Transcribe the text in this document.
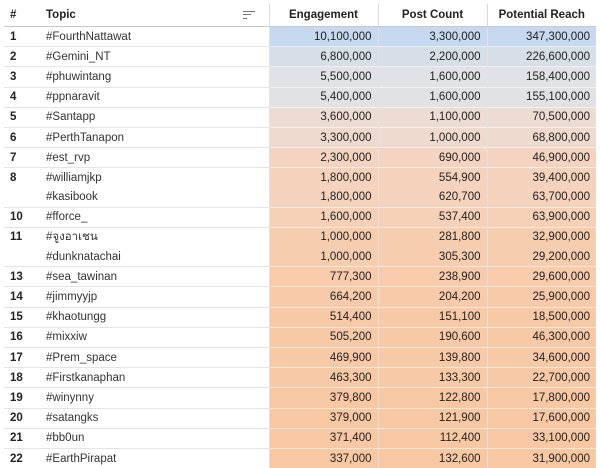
#	Topic	Engagement	Post Count	Potential Reach
1	#FourthNattawat	10,100,000	3,300,000	347,300,000
2	#Gemini_NT	6,800,000	2,200,000	226,600,000
3	#phuwintang	5,500,000	1,600,000	158,400,000
4	#ppnaravit	5,400,000	1,600,000	155,100,000
5	#Santapp	3,600,000	1,100,000	70,500,000
6	#PerthTanapon	3,300,000	1,000,000	68,800,000
7	#est_rvp	2,300,000	690,000	46,900,000
8	#williamjkp	1,800,000	554,900	39,400,000
	#kasibook	1,800,000	620,700	63,700,000
10	#fforce_	1,600,000	537,400	63,900,000
11	#จูงอาเชน	1,000,000	281,800	32,900,000
	#dunknatachai	1,000,000	305,300	29,200,000
13	#sea_tawinan	777,300	238,900	29,600,000
14	#jimmyyjp	664,200	204,200	25,900,000
15	#khaotungg	514,400	151,100	18,500,000
16	#mixxiw	505,200	190,600	46,300,000
17	#Prem_space	469,900	139,800	34,600,000
18	#Firstkanaphan	463,300	133,300	22,700,000
19	#winynny	379,800	122,800	17,800,000
20	#satangks	379,000	121,900	17,600,000
21	#bb0un	371,400	112,400	33,100,000
22	#EarthPirapat	337,000	132,600	31,900,000
